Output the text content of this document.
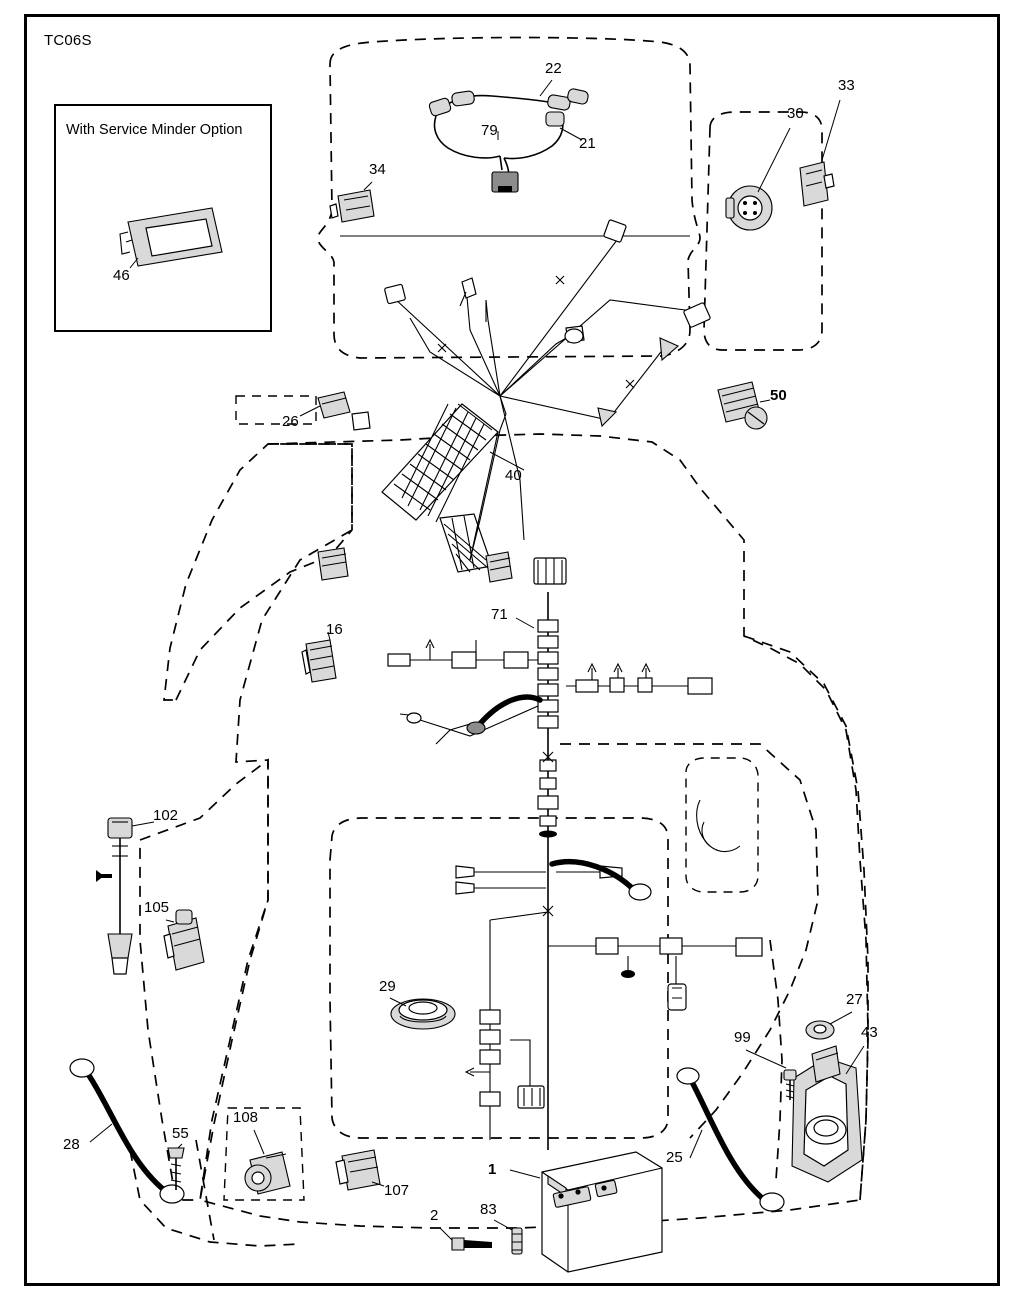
TC06S
With Service Minder Option
22
79
21
30
33
34
46
26
50
40
16
71
102
105
29
27
99	43
28
55
108
107
1
2	83
25
